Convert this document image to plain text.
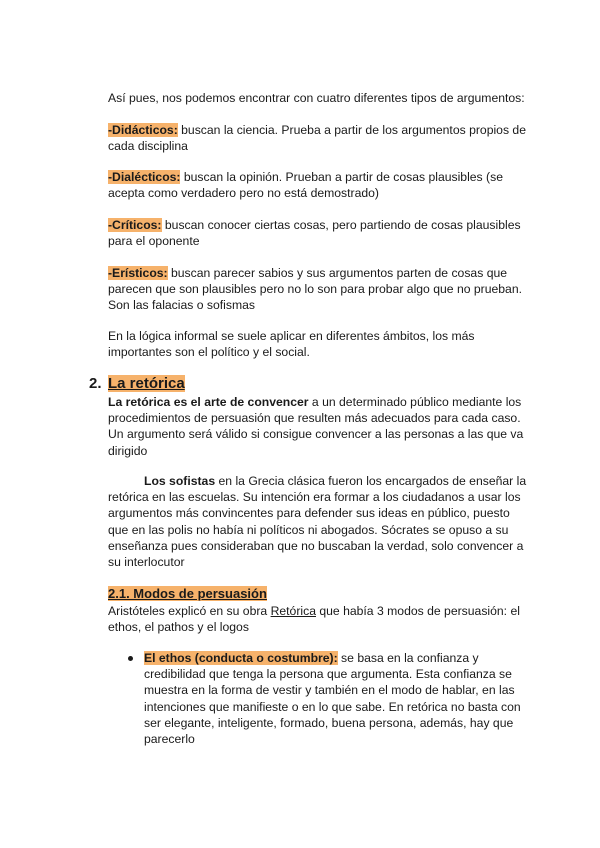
Así pues, nos podemos encontrar con cuatro diferentes tipos de argumentos:

-Didácticos: buscan la ciencia. Prueba a partir de los argumentos propios de cada disciplina

-Dialécticos: buscan la opinión. Prueban a partir de cosas plausibles (se acepta como verdadero pero no está demostrado)

-Críticos: buscan conocer ciertas cosas, pero partiendo de cosas plausibles para el oponente

-Erísticos: buscan parecer sabios y sus argumentos parten de cosas que parecen que son plausibles pero no lo son para probar algo que no prueban. Son las falacias o sofismas

En la lógica informal se suele aplicar en diferentes ámbitos, los más importantes son el político y el social.

2. La retórica

La retórica es el arte de convencer a un determinado público mediante los procedimientos de persuasión que resulten más adecuados para cada caso. Un argumento será válido si consigue convencer a las personas a las que va dirigido

Los sofistas en la Grecia clásica fueron los encargados de enseñar la retórica en las escuelas. Su intención era formar a los ciudadanos a usar los argumentos más convincentes para defender sus ideas en público, puesto que en las polis no había ni políticos ni abogados. Sócrates se opuso a su enseñanza pues consideraban que no buscaban la verdad, solo convencer a su interlocutor

2.1. Modos de persuasión

Aristóteles explicó en su obra Retórica que había 3 modos de persuasión: el ethos, el pathos y el logos

El ethos (conducta o costumbre): se basa en la confianza y credibilidad que tenga la persona que argumenta. Esta confianza se muestra en la forma de vestir y también en el modo de hablar, en las intenciones que manifieste o en lo que sabe. En retórica no basta con ser elegante, inteligente, formado, buena persona, además, hay que parecerlo
